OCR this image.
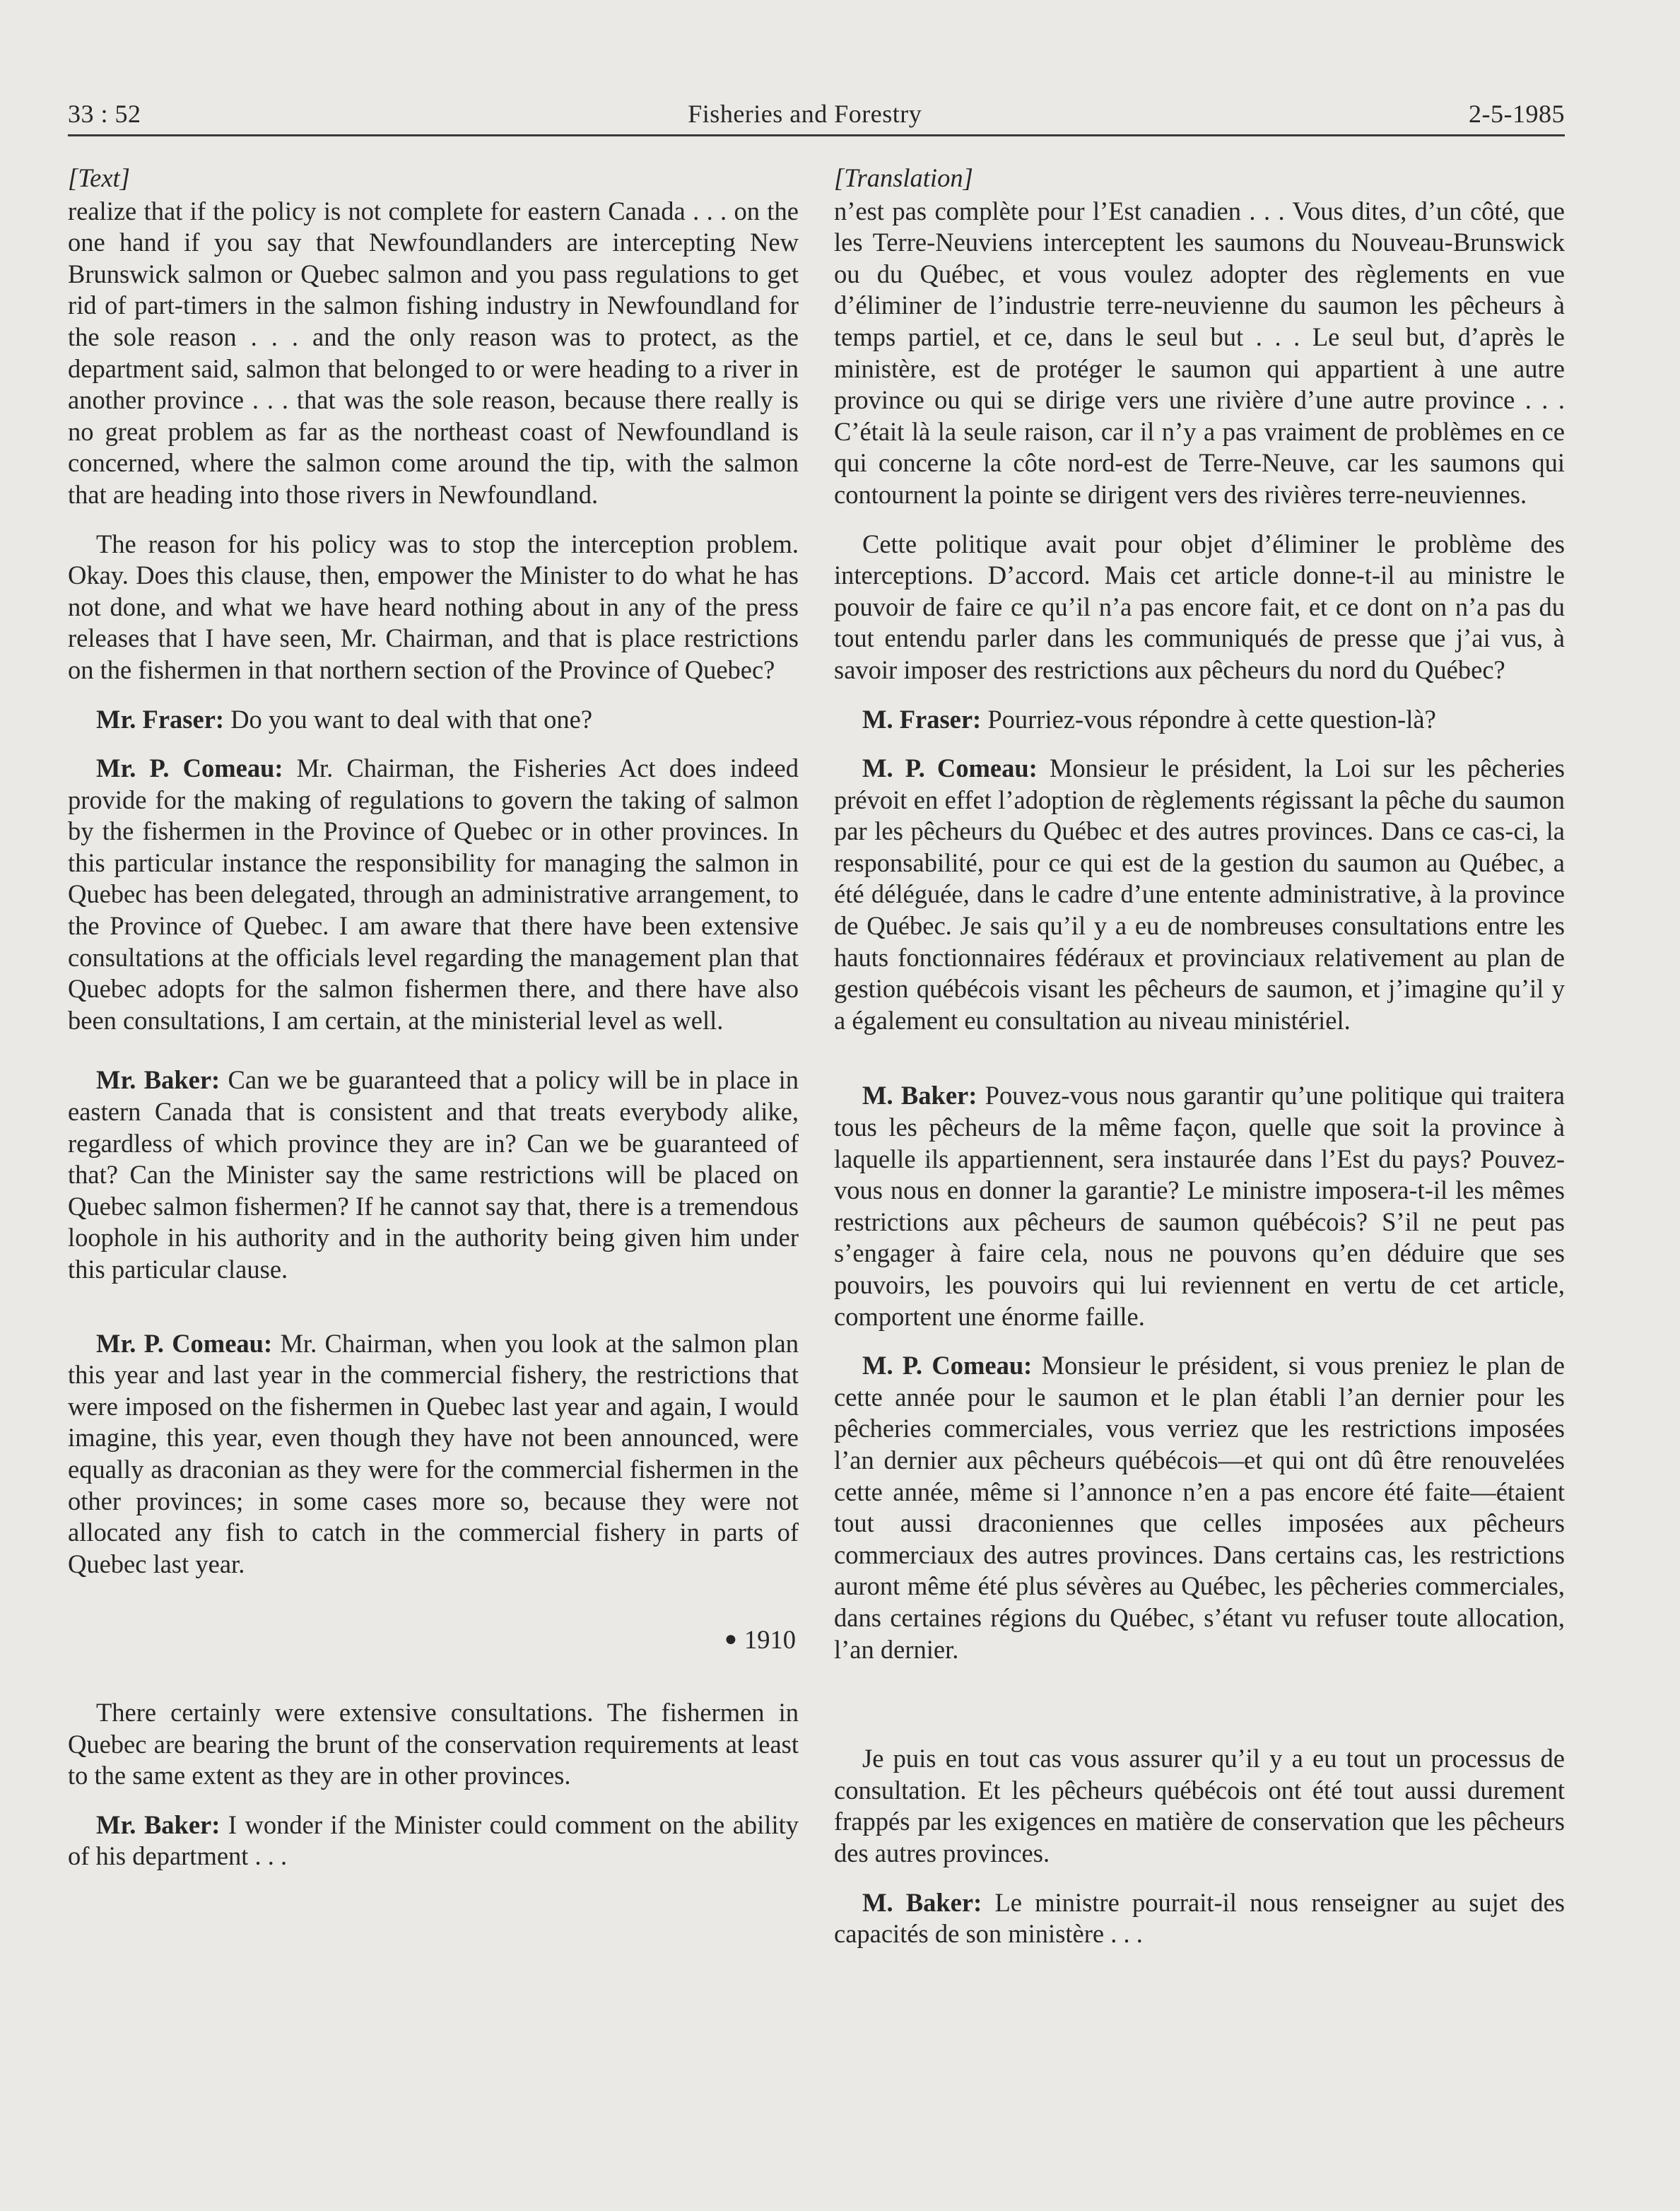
33 : 52	Fisheries and Forestry	2-5-1985

[Text]

realize that if the policy is not complete for eastern Canada . . . on the one hand if you say that Newfoundlanders are intercepting New Brunswick salmon or Quebec salmon and you pass regulations to get rid of part-timers in the salmon fishing industry in Newfoundland for the sole reason . . . and the only reason was to protect, as the department said, salmon that belonged to or were heading to a river in another province . . . that was the sole reason, because there really is no great problem as far as the northeast coast of Newfoundland is concerned, where the salmon come around the tip, with the salmon that are heading into those rivers in Newfoundland.

The reason for his policy was to stop the interception problem. Okay. Does this clause, then, empower the Minister to do what he has not done, and what we have heard nothing about in any of the press releases that I have seen, Mr. Chairman, and that is place restrictions on the fishermen in that northern section of the Province of Quebec?

Mr. Fraser: Do you want to deal with that one?

Mr. P. Comeau: Mr. Chairman, the Fisheries Act does indeed provide for the making of regulations to govern the taking of salmon by the fishermen in the Province of Quebec or in other provinces. In this particular instance the responsibility for managing the salmon in Quebec has been delegated, through an administrative arrangement, to the Province of Quebec. I am aware that there have been extensive consultations at the officials level regarding the management plan that Quebec adopts for the salmon fishermen there, and there have also been consultations, I am certain, at the ministerial level as well.

Mr. Baker: Can we be guaranteed that a policy will be in place in eastern Canada that is consistent and that treats everybody alike, regardless of which province they are in? Can we be guaranteed of that? Can the Minister say the same restrictions will be placed on Quebec salmon fishermen? If he cannot say that, there is a tremendous loophole in his authority and in the authority being given him under this particular clause.

Mr. P. Comeau: Mr. Chairman, when you look at the salmon plan this year and last year in the commercial fishery, the restrictions that were imposed on the fishermen in Quebec last year and again, I would imagine, this year, even though they have not been announced, were equally as draconian as they were for the commercial fishermen in the other provinces; in some cases more so, because they were not allocated any fish to catch in the commercial fishery in parts of Quebec last year.

● 1910

There certainly were extensive consultations. The fishermen in Quebec are bearing the brunt of the conservation requirements at least to the same extent as they are in other provinces.

Mr. Baker: I wonder if the Minister could comment on the ability of his department . . .

[Translation]

n’est pas complète pour l’Est canadien . . . Vous dites, d’un côté, que les Terre-Neuviens interceptent les saumons du Nouveau-Brunswick ou du Québec, et vous voulez adopter des règlements en vue d’éliminer de l’industrie terre-neuvienne du saumon les pêcheurs à temps partiel, et ce, dans le seul but . . . Le seul but, d’après le ministère, est de protéger le saumon qui appartient à une autre province ou qui se dirige vers une rivière d’une autre province . . . C’était là la seule raison, car il n’y a pas vraiment de problèmes en ce qui concerne la côte nord-est de Terre-Neuve, car les saumons qui contournent la pointe se dirigent vers des rivières terre-neuviennes.

Cette politique avait pour objet d’éliminer le problème des interceptions. D’accord. Mais cet article donne-t-il au ministre le pouvoir de faire ce qu’il n’a pas encore fait, et ce dont on n’a pas du tout entendu parler dans les communiqués de presse que j’ai vus, à savoir imposer des restrictions aux pêcheurs du nord du Québec?

M. Fraser: Pourriez-vous répondre à cette question-là?

M. P. Comeau: Monsieur le président, la Loi sur les pêcheries prévoit en effet l’adoption de règlements régissant la pêche du saumon par les pêcheurs du Québec et des autres provinces. Dans ce cas-ci, la responsabilité, pour ce qui est de la gestion du saumon au Québec, a été déléguée, dans le cadre d’une entente administrative, à la province de Québec. Je sais qu’il y a eu de nombreuses consultations entre les hauts fonctionnaires fédéraux et provinciaux relativement au plan de gestion québécois visant les pêcheurs de saumon, et j’imagine qu’il y a également eu consultation au niveau ministériel.

M. Baker: Pouvez-vous nous garantir qu’une politique qui traitera tous les pêcheurs de la même façon, quelle que soit la province à laquelle ils appartiennent, sera instaurée dans l’Est du pays? Pouvez-vous nous en donner la garantie? Le ministre imposera-t-il les mêmes restrictions aux pêcheurs de saumon québécois? S’il ne peut pas s’engager à faire cela, nous ne pouvons qu’en déduire que ses pouvoirs, les pouvoirs qui lui reviennent en vertu de cet article, comportent une énorme faille.

M. P. Comeau: Monsieur le président, si vous preniez le plan de cette année pour le saumon et le plan établi l’an dernier pour les pêcheries commerciales, vous verriez que les restrictions imposées l’an dernier aux pêcheurs québécois—et qui ont dû être renouvelées cette année, même si l’annonce n’en a pas encore été faite—étaient tout aussi draconiennes que celles imposées aux pêcheurs commerciaux des autres provinces. Dans certains cas, les restrictions auront même été plus sévères au Québec, les pêcheries commerciales, dans certaines régions du Québec, s’étant vu refuser toute allocation, l’an dernier.

Je puis en tout cas vous assurer qu’il y a eu tout un processus de consultation. Et les pêcheurs québécois ont été tout aussi durement frappés par les exigences en matière de conservation que les pêcheurs des autres provinces.

M. Baker: Le ministre pourrait-il nous renseigner au sujet des capacités de son ministère . . .
